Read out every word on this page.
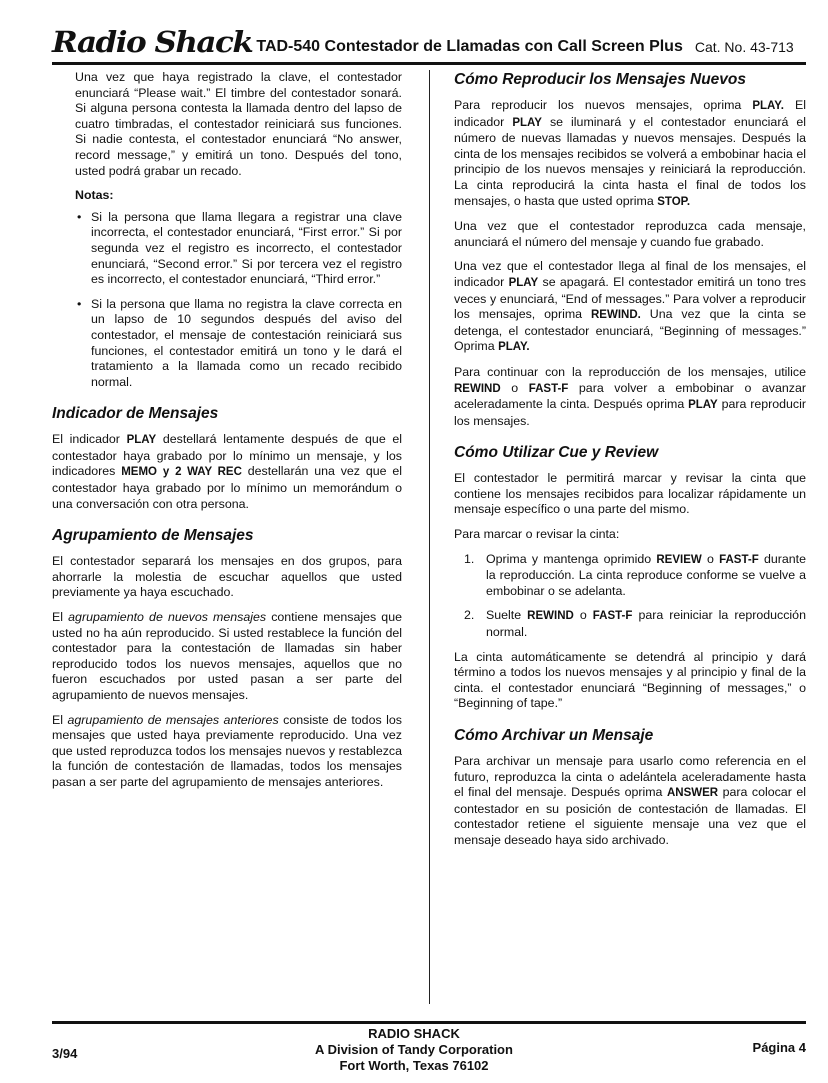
Radio Shack TAD-540 Contestador de Llamadas con Call Screen Plus Cat. No. 43-713

Una vez que haya registrado la clave, el contestador enunciará “Please wait.” El timbre del contestador sonará. Si alguna persona contesta la llamada dentro del lapso de cuatro timbradas, el contestador reiniciará sus funciones. Si nadie contesta, el contestador enunciará “No answer, record message,” y emitirá un tono. Después del tono, usted podrá grabar un recado.

Notas:
• Si la persona que llama llegara a registrar una clave incorrecta, el contestador enunciará, “First error.” Si por segunda vez el registro es incorrecto, el contestador enunciará, “Second error.” Si por tercera vez el registro es incorrecto, el contestador enunciará, “Third error.”
• Si la persona que llama no registra la clave correcta en un lapso de 10 segundos después del aviso del contestador, el mensaje de contestación reiniciará sus funciones, el contestador emitirá un tono y le dará el tratamiento a la llamada como un recado recibido normal.
Indicador de Mensajes

El indicador PLAY destellará lentamente después de que el contestador haya grabado por lo mínimo un mensaje, y los indicadores MEMO y 2 WAY REC destellarán una vez que el contestador haya grabado por lo mínimo un memorándum o una conversación con otra persona.

Agrupamiento de Mensajes

El contestador separará los mensajes en dos grupos, para ahorrarle la molestia de escuchar aquellos que usted previamente ya haya escuchado.

El agrupamiento de nuevos mensajes contiene mensajes que usted no ha aún reproducido. Si usted restablece la función del contestador para la contestación de llamadas sin haber reproducido todos los nuevos mensajes, aquellos que no fueron escuchados por usted pasan a ser parte del agrupamiento de nuevos mensajes.

El agrupamiento de mensajes anteriores consiste de todos los mensajes que usted haya previamente reproducido. Una vez que usted reproduzca todos los mensajes nuevos y restablezca la función de contestación de llamadas, todos los mensajes pasan a ser parte del agrupamiento de mensajes anteriores.

Cómo Reproducir los Mensajes Nuevos

Para reproducir los nuevos mensajes, oprima PLAY. El indicador PLAY se iluminará y el contestador enunciará el número de nuevas llamadas y nuevos mensajes. Después la cinta de los mensajes recibidos se volverá a embobinar hacia el principio de los nuevos mensajes y reiniciará la reproducción. La cinta reproducirá la cinta hasta el final de todos los mensajes, o hasta que usted oprima STOP.

Una vez que el contestador reproduzca cada mensaje, anunciará el número del mensaje y cuando fue grabado.

Una vez que el contestador llega al final de los mensajes, el indicador PLAY se apagará. El contestador emitirá un tono tres veces y enunciará, “End of messages.” Para volver a reproducir los mensajes, oprima REWIND. Una vez que la cinta se detenga, el contestador enunciará, “Beginning of messages.” Oprima PLAY.

Para continuar con la reproducción de los mensajes, utilice REWIND o FAST-F para volver a embobinar o avanzar aceleradamente la cinta. Después oprima PLAY para reproducir los mensajes.

Cómo Utilizar Cue y Review

El contestador le permitirá marcar y revisar la cinta que contiene los mensajes recibidos para localizar rápidamente un mensaje específico o una parte del mismo.

Para marcar o revisar la cinta:

1. Oprima y mantenga oprimido REVIEW o FAST-F durante la reproducción. La cinta reproduce conforme se vuelve a embobinar o se adelanta.
2. Suelte REWIND o FAST-F para reiniciar la reproducción normal.

La cinta automáticamente se detendrá al principio y dará término a todos los nuevos mensajes y al principio y final de la cinta. el contestador enunciará “Beginning of messages,” o “Beginning of tape.”

Cómo Archivar un Mensaje

Para archivar un mensaje para usarlo como referencia en el futuro, reproduzca la cinta o adelántela aceleradamente hasta el final del mensaje. Después oprima ANSWER para colocar el contestador en su posición de contestación de llamadas. El contestador retiene el siguiente mensaje una vez que el mensaje deseado haya sido archivado.

3/94
RADIO SHACK
A Division of Tandy Corporation
Fort Worth, Texas 76102
Página 4
